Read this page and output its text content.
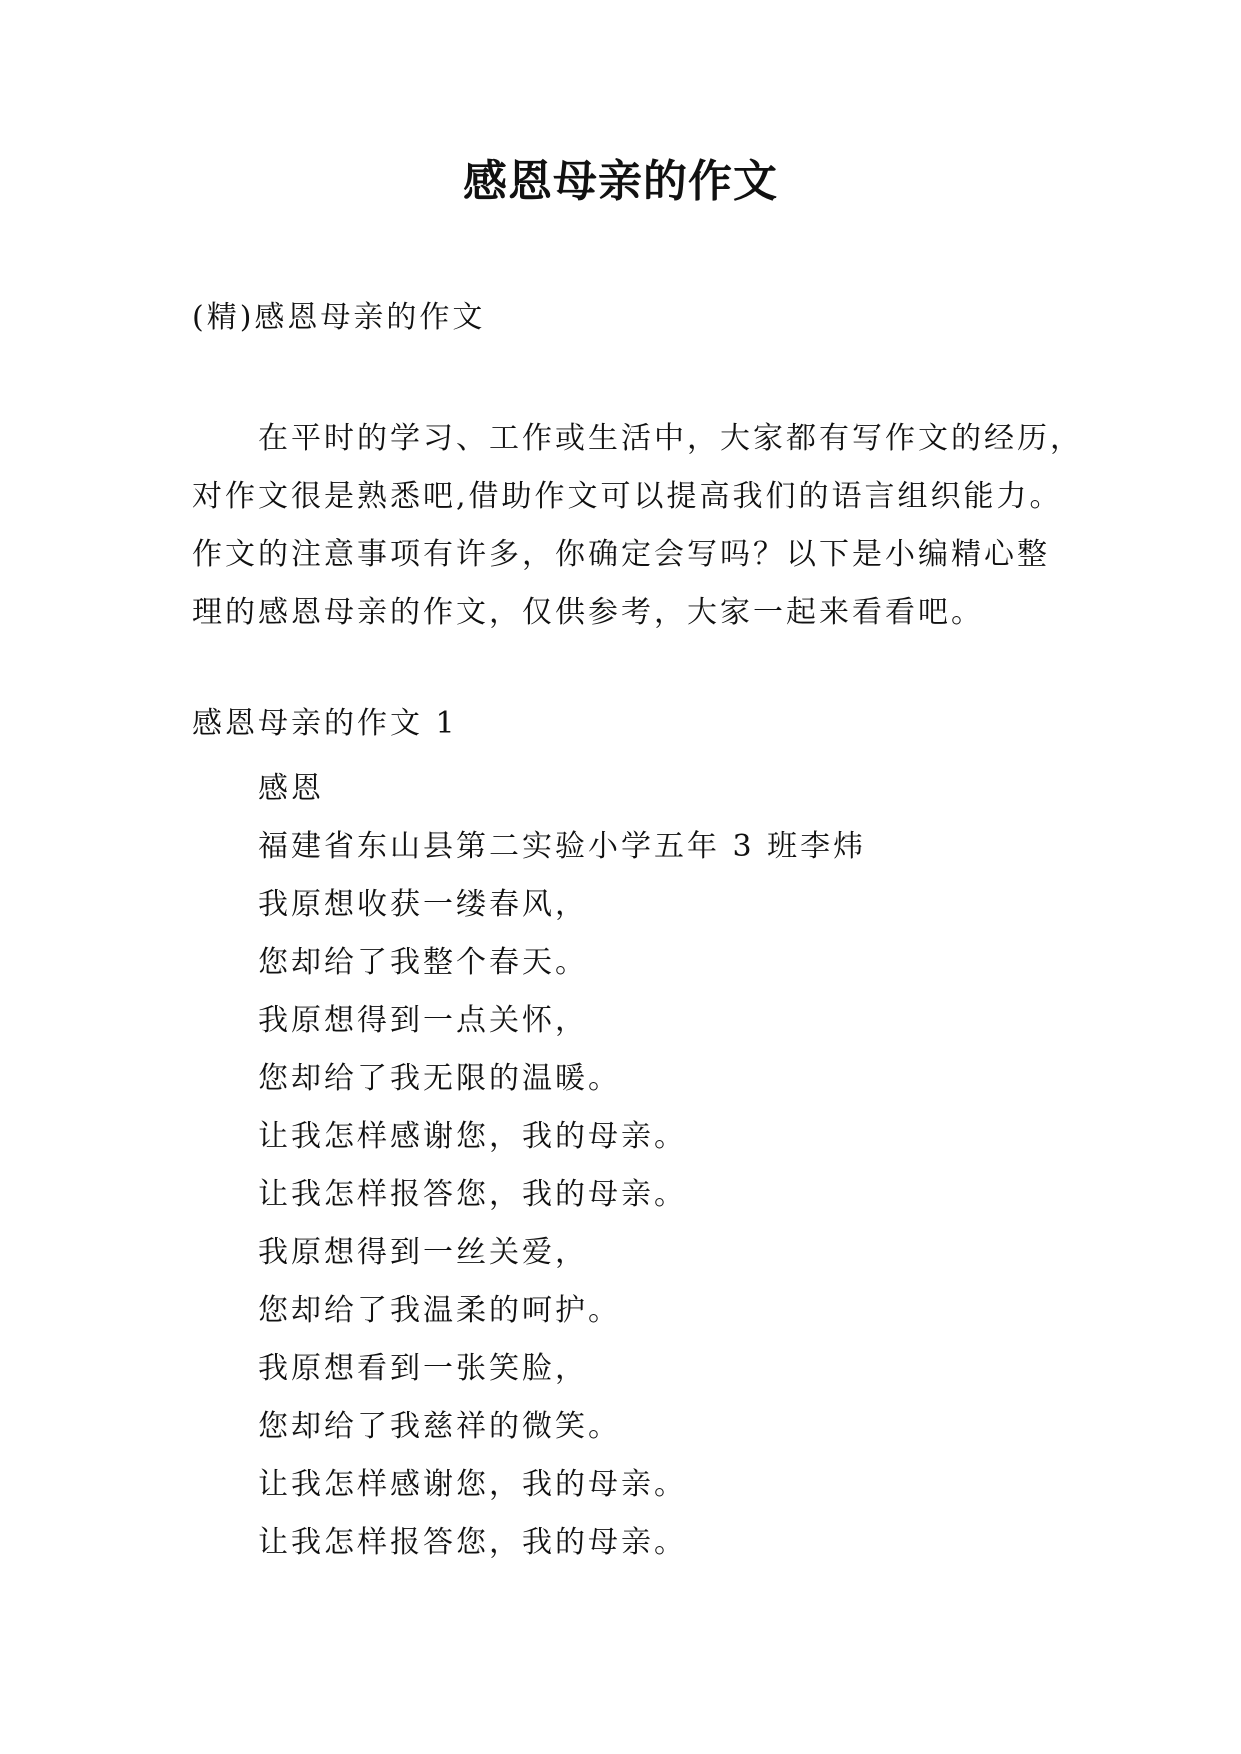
感恩母亲的作文
(精)感恩母亲的作文
在平时的学习、工作或生活中，大家都有写作文的经历，
对作文很是熟悉吧,借助作文可以提高我们的语言组织能力。
作文的注意事项有许多，你确定会写吗？以下是小编精心整
理的感恩母亲的作文，仅供参考，大家一起来看看吧。
感恩母亲的作文 1
感恩
福建省东山县第二实验小学五年 3 班李炜
我原想收获一缕春风，
您却给了我整个春天。
我原想得到一点关怀，
您却给了我无限的温暖。
让我怎样感谢您，我的母亲。
让我怎样报答您，我的母亲。
我原想得到一丝关爱，
您却给了我温柔的呵护。
我原想看到一张笑脸，
您却给了我慈祥的微笑。
让我怎样感谢您，我的母亲。
让我怎样报答您，我的母亲。
